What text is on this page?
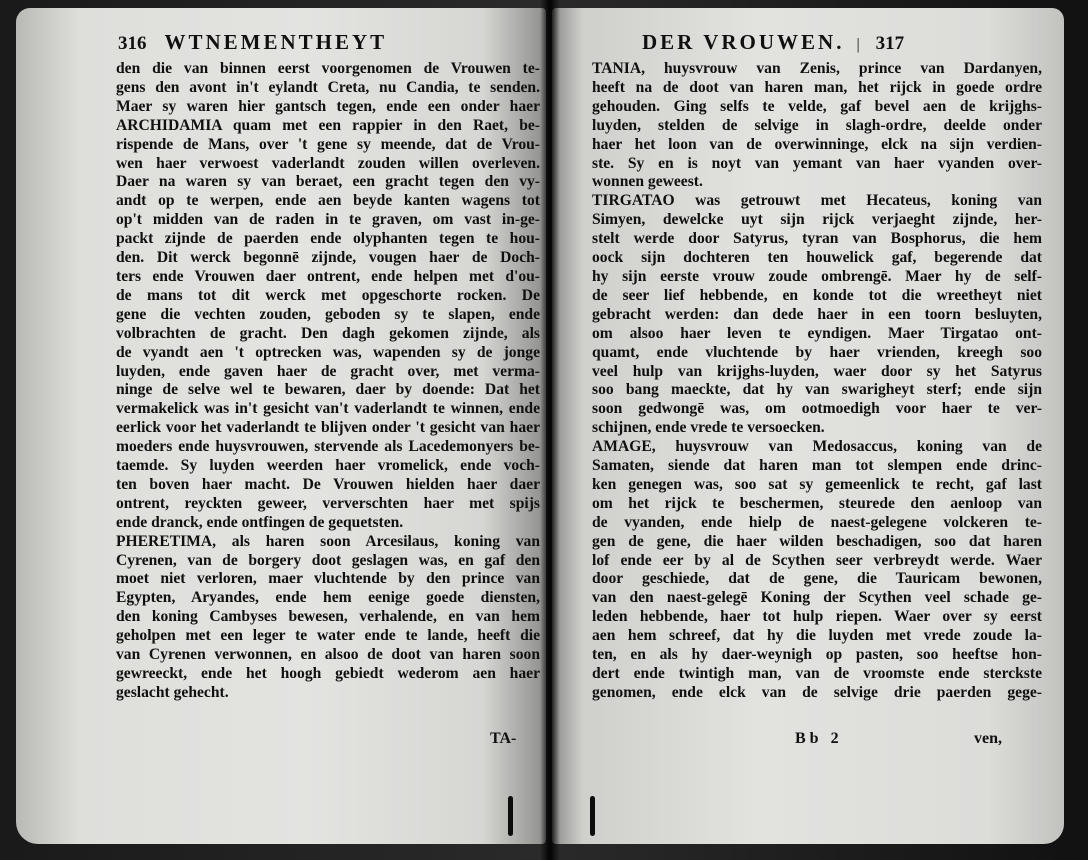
316 WTNEMENTHEYT
den die van binnen eerst voorgenomen de Vrouwen te-
gens den avont in't eylandt Creta, nu Candia, te senden.
Maer sy waren hier gantsch tegen, ende een onder haer
ARCHIDAMIA quam met een rappier in den Raet, be-
rispende de Mans, over 't gene sy meende, dat de Vrou-
wen haer verwoest vaderlandt zouden willen overleven.
Daer na waren sy van beraet, een gracht tegen den vy-
andt op te werpen, ende aen beyde kanten wagens tot
op't midden van de raden in te graven, om vast in-ge-
packt zijnde de paerden ende olyphanten tegen te hou-
den. Dit werck begonnē zijnde, vougen haer de Doch-
ters ende Vrouwen daer ontrent, ende helpen met d'ou-
de mans tot dit werck met opgeschorte rocken. De
gene die vechten zouden, geboden sy te slapen, ende
volbrachten de gracht. Den dagh gekomen zijnde, als
de vyandt aen 't optrecken was, wapenden sy de jonge
luyden, ende gaven haer de gracht over, met verma-
ninge de selve wel te bewaren, daer by doende: Dat het
vermakelick was in't gesicht van't vaderlandt te winnen, ende
eerlick voor het vaderlandt te blijven onder 't gesicht van haer
moeders ende huysvrouwen, stervende als Lacedemonyers be-
taemde. Sy luyden weerden haer vromelick, ende voch-
ten boven haer macht. De Vrouwen hielden haer daer
ontrent, reyckten geweer, ververschten haer met spijs
ende dranck, ende ontfingen de gequetsten.
PHERETIMA, als haren soon Arcesilaus, koning van
Cyrenen, van de borgery doot geslagen was, en gaf den
moet niet verloren, maer vluchtende by den prince van
Egypten, Aryandes, ende hem eenige goede diensten,
den koning Cambyses bewesen, verhalende, en van hem
geholpen met een leger te water ende te lande, heeft die
van Cyrenen verwonnen, en alsoo de doot van haren soon
gewreeckt, ende het hoogh gebiedt wederom aen haer
geslacht gehecht.
TA-
DER VROUWEN. | 317
TANIA, huysvrouw van Zenis, prince van Dardanyen,
heeft na de doot van haren man, het rijck in goede ordre
gehouden. Ging selfs te velde, gaf bevel aen de krijghs-
luyden, stelden de selvige in slagh-ordre, deelde onder
haer het loon van de overwinninge, elck na sijn verdien-
ste. Sy en is noyt van yemant van haer vyanden over-
wonnen geweest.
TIRGATAO was getrouwt met Hecateus, koning van
Simyen, dewelcke uyt sijn rijck verjaeght zijnde, her-
stelt werde door Satyrus, tyran van Bosphorus, die hem
oock sijn dochteren ten houwelick gaf, begerende dat
hy sijn eerste vrouw zoude ombrengē. Maer hy de self-
de seer lief hebbende, en konde tot die wreetheyt niet
gebracht werden: dan dede haer in een toorn besluyten,
om alsoo haer leven te eyndigen. Maer Tirgatao ont-
quamt, ende vluchtende by haer vrienden, kreegh soo
veel hulp van krijghs-luyden, waer door sy het Satyrus
soo bang maeckte, dat hy van swarigheyt sterf; ende sijn
soon gedwongē was, om ootmoedigh voor haer te ver-
schijnen, ende vrede te versoecken.
AMAGE, huysvrouw van Medosaccus, koning van de
Samaten, siende dat haren man tot slempen ende drinc-
ken genegen was, soo sat sy gemeenlick te recht, gaf last
om het rijck te beschermen, steurede den aenloop van
de vyanden, ende hielp de naest-gelegene volckeren te-
gen de gene, die haer wilden beschadigen, soo dat haren
lof ende eer by al de Scythen seer verbreydt werde. Waer
door geschiede, dat de gene, die Tauricam bewonen,
van den naest-gelegē Koning der Scythen veel schade ge-
leden hebbende, haer tot hulp riepen. Waer over sy eerst
aen hem schreef, dat hy die luyden met vrede zoude la-
ten, en als hy daer-weynigh op pasten, soo heeftse hon-
dert ende twintigh man, van de vroomste ende sterckste
genomen, ende elck van de selvige drie paerden gege-
Bb 2	ven,
